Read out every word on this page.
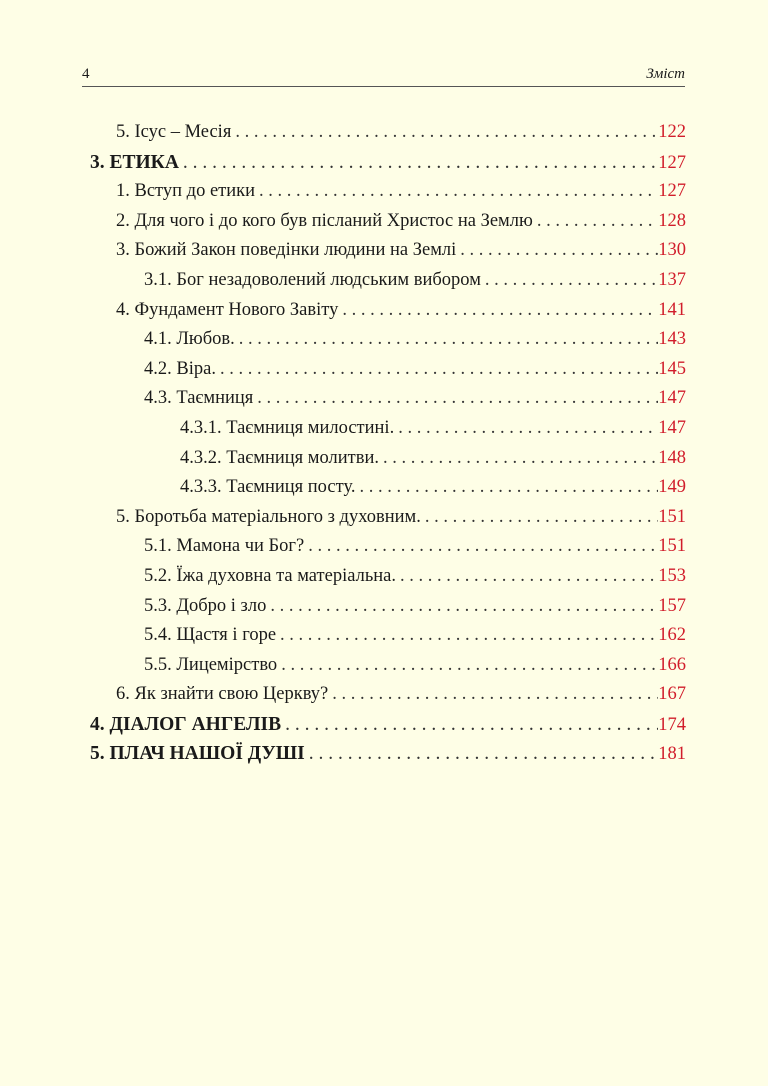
4	Зміст
5. Ісус – Месія . . .	122
3. ЕТИКА . . .	127
1. Вступ до етики . . .	127
2. Для чого і до кого був післаний Христос на Землю . . .	128
3. Божий Закон поведінки людини на Землі . . .	130
3.1. Бог незадоволений людським вибором . . .	137
4. Фундамент Нового Завіту . . .	141
4.1. Любов. . . .	143
4.2. Віра. . . .	145
4.3. Таємниця . . .	147
4.3.1. Таємниця милостині. . . .	147
4.3.2. Таємниця молитви. . . .	148
4.3.3. Таємниця посту. . . .	149
5. Боротьба матеріального з духовним. . . .	151
5.1. Мамона чи Бог? . . .	151
5.2. Їжа духовна та матеріальна. . . .	153
5.3. Добро і зло . . .	157
5.4. Щастя і горе . . .	162
5.5. Лицемірство . . .	166
6. Як знайти свою Церкву? . . .	167
4. ДІАЛОГ АНГЕЛІВ . . .	174
5. ПЛАЧ НАШОЇ ДУШІ . . .	181
